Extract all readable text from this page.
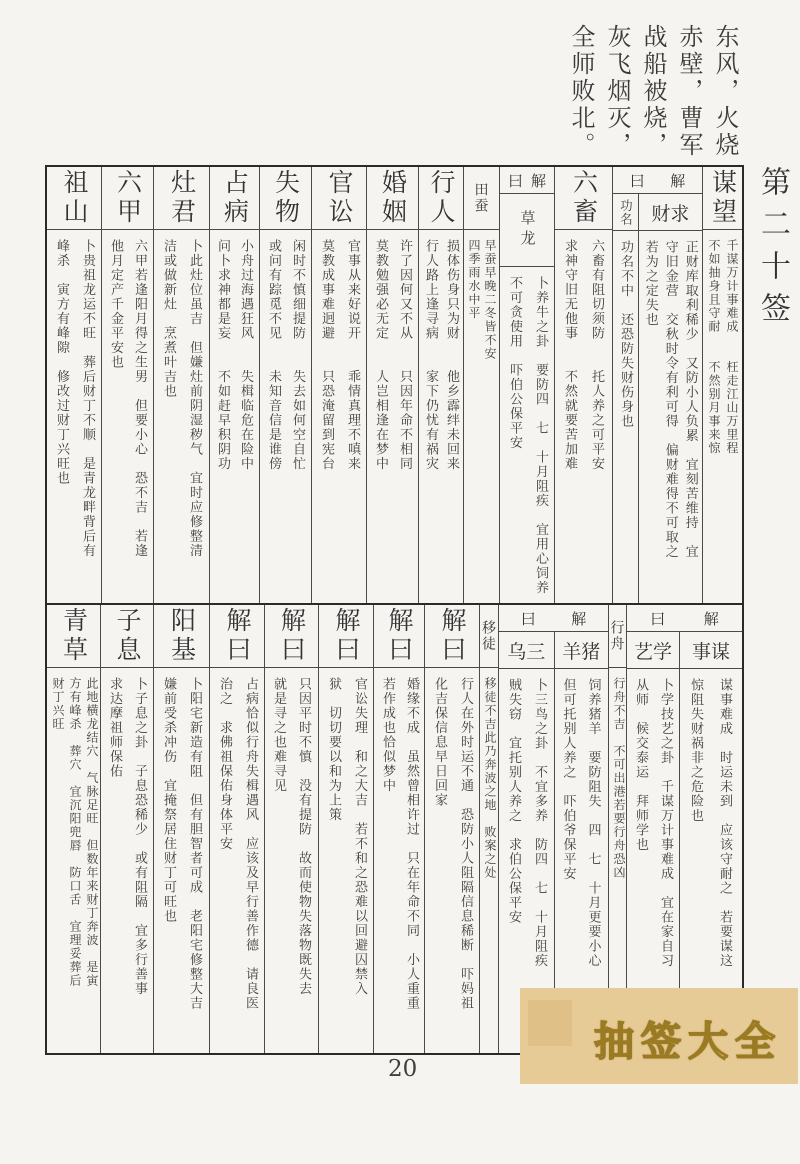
东风，火烧
赤壁，曹军
战船被烧，
灰飞烟灭，
全师败北。
第二十签
祖山
卜贵祖龙运不旺　葬后财丁不顺　是青龙畔背后有
峰杀　寅方有峰隙　修改过财丁兴旺也
六甲
六甲若逢阳月得之生男　但要小心　恐不吉　若逢
他月定产千金平安也
灶君
卜此灶位虽吉　但嫌灶前阴湿秽气　宜时应修整清
洁或做新灶　烹煮叶吉也
占病
小舟过海遇狂风　　失楫临危在险中
问卜求神都是妄　　不如赶早积阴功
失物
闲时不慎细提防　　失去如何空自忙
或问有踪觅不见　　未知音信是谁傍
官讼
官事从来好说开　　乖情真理不嗔来
莫教成事难迥避　　只恐淹留到宪台
婚姻
许了因何又不从　　只因年命不相同
莫教勉强必无定　　人岂相逢在梦中
行人
损体伤身只为财　　他乡霹绊未回来
行人路上逢寻病　　家下仍忧有祸灾
田蚕
早蚕早晚二冬皆不安
四季雨水中平
曰 解
草龙
卜养牛之卦　要防四　七　十月阻疾　宜用心饲养
不可贪使用　吓伯公保平安
六畜
六畜有阻切须防　　托人养之可平安
求神守旧无他事　　不然就要苦加难
曰 解
功名
功名不中　还恐防失财伤身也
财求
正财库取利稀少　又防小人负累　宜刻苦维持　宜
守旧金营　交秋时令有利可得　偏财难得不可取之
若为之定失也
谋望
千谋万计事难成　　枉走江山万里程
不如抽身且守耐　　不然别月事来惊
青草
此地横龙结穴　气脉足旺　但数年来财丁奔波　是寅
方有峰杀　葬穴　宜沉阳兜唇　防口舌　宜理妥葬后
财丁兴旺
子息
卜子息之卦　子息恐稀少　或有阻隔　宜多行善事
求达摩祖师保佑
阳基
卜阳宅新造有阻　但有胆智者可成　老阳宅修整大吉
嫌前受杀冲伤　宜掩祭居住财丁可旺也
解曰
占病恰似行舟失楫遇风　应该及早行善作德　请良医
治之　求佛祖保佑身体平安
解曰
只因平时不慎　没有提防　故而使物失落物既失去
就是寻之也难寻见
解曰
官讼失理　和之大吉　若不和之恐难以回避囚禁入
狱　切切要以和为上策
解曰
婚缘不成　虽然曾相许过　只在年命不同　小人重重
若作成也恰似梦中
解曰
行人在外时运不通　恐防小人阻隔信息稀断　吓妈祖
化吉保信息早日回家
移徒
移徒不吉此乃奔波之地　败案之处
曰 解
乌三
卜三鸟之卦　不宜多养　防四　七　十月阻疾
贼失窃　宜托别人养之　求伯公保平安
羊猪
饲养猪羊　要防阻失　四　七　十月更要小心
但可托别人养之　吓伯爷保平安
行舟
行舟不吉　不可出港若要行舟恐凶
曰	解
艺学
卜学技艺之卦　千谋万计事难成　宜在家自习
从师　候交泰运　拜师学也
事谋
谋事难成　时运未到　应该守耐之　若要谋这
惊阻失财祸非之危险也
抽签大全
20
